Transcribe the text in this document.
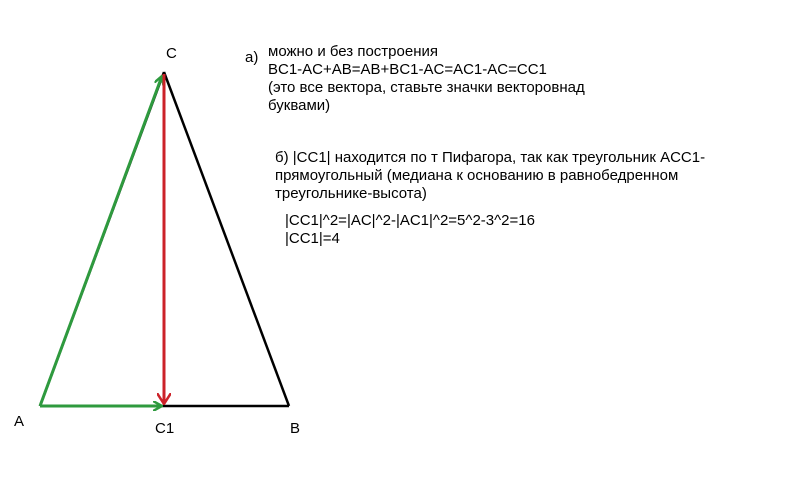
C
A	C1	B
а) можно и без построения
BC1-AC+AB=AB+BC1-AC=AC1-AC=CC1
(это все вектора, ставьте значки векторовнад
буквами)
б) |CC1| находится по т Пифагора, так как треугольник ACC1-
прямоугольный (медиана к основанию в равнобедренном
треугольнике-высота)
|CC1|^2=|AC|^2-|AC1|^2=5^2-3^2=16
|CC1|=4
